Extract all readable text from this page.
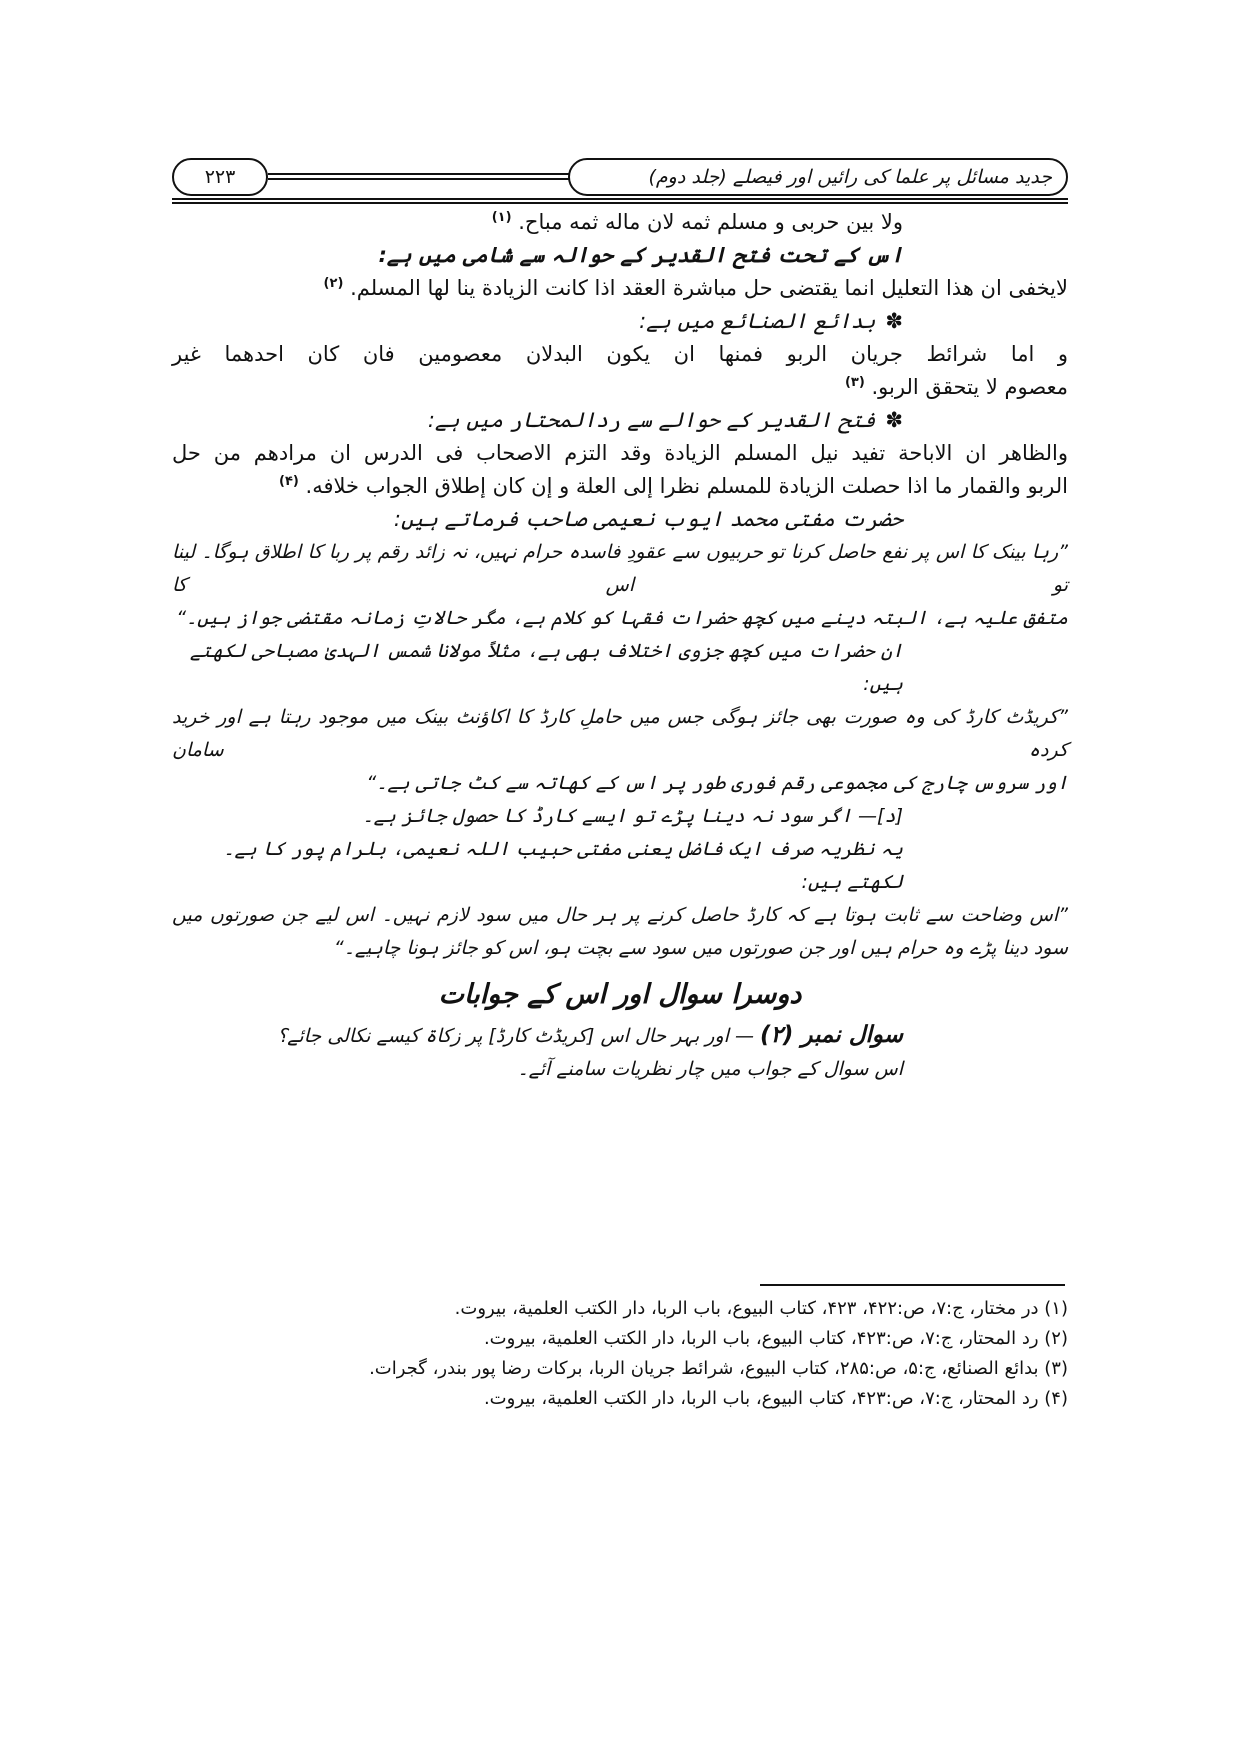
جدید مسائل پر علما کی رائیں اور فیصلے (جلد دوم)
۲۲۳
ولا بین حربی و مسلم ثمه لان ماله ثمه مباح. $^{(۱)}$
اس کے تحت فتح القدیر کے حوالہ سے شامی میں ہے:
لایخفی ان هذا التعلیل انما یقتضی حل مباشرة العقد اذا كانت الزیادة ینا لها المسلم. $^{(۲)}$
✽بدائع الصنائع میں ہے:
و اما شرائط جریان الربو فمنها ان یکون البدلان معصومین فان کان احدهما غیر
معصوم لا یتحقق الربو. $^{(۳)}$
✽فتح القدیر کے حوالے سے ردالمحتار میں ہے:
والظاهر ان الاباحة تفید نیل المسلم الزیادة وقد التزم الاصحاب فی الدرس ان مرادهم من حل
الربو والقمار ما اذا حصلت الزیادة للمسلم نظرا إلی العلة و إن كان إطلاق الجواب خلافه. $^{(۴)}$
حضرت مفتی محمد ایوب نعیمی صاحب فرماتے ہیں:
”رہا بینک کا اس پر نفع حاصل کرنا تو حربیوں سے عقودِ فاسدہ حرام نہیں، نہ زائد رقم پر ربا کا اطلاق ہوگا۔ لینا تو اس کا
متفق علیہ ہے، البتہ دینے میں کچھ حضرات فقہا کو کلام ہے، مگر حالاتِ زمانہ مقتضی جواز ہیں۔“
ان حضرات میں کچھ جزوی اختلاف بھی ہے، مثلاً مولانا شمس الہدیٰ مصباحی لکھتے ہیں:
”کریڈٹ کارڈ کی وہ صورت بھی جائز ہوگی جس میں حاملِ کارڈ کا اکاؤنٹ بینک میں موجود رہتا ہے اور خرید کردہ سامان
اور سروس چارج کی مجموعی رقم فوری طور پر اس کے کھاتہ سے کٹ جاتی ہے۔“
[د]— اگر سود نہ دینا پڑے تو ایسے کارڈ کا حصول جائز ہے۔
یہ نظریہ صرف ایک فاضل یعنی مفتی حبیب اللہ نعیمی، بلرام پور کا ہے۔ لکھتے ہیں:
”اس وضاحت سے ثابت ہوتا ہے کہ کارڈ حاصل کرنے پر ہر حال میں سود لازم نہیں۔ اس لیے جن صورتوں میں
سود دینا پڑے وہ حرام ہیں اور جن صورتوں میں سود سے بچت ہو، اس کو جائز ہونا چاہیے۔“
دوسرا سوال اور اس کے جوابات
سوال نمبر (۲) — اور بہر حال اس [کریڈٹ کارڈ] پر زکاۃ کیسے نکالی جائے؟
اس سوال کے جواب میں چار نظریات سامنے آئے۔
(۱) در مختار، ج:۷، ص:۴۲۲، ۴۲۳، کتاب البیوع، باب الربا، دار الکتب العلمیة، بیروت.
(۲) رد المحتار، ج:۷، ص:۴۲۳، کتاب البیوع، باب الربا، دار الکتب العلمیة، بیروت.
(۳) بدائع الصنائع، ج:۵، ص:۲۸۵، کتاب البیوع، شرائط جریان الربا، برکات رضا پور بندر، گجرات.
(۴) رد المحتار، ج:۷، ص:۴۲۳، کتاب البیوع، باب الربا، دار الکتب العلمیة، بیروت.
